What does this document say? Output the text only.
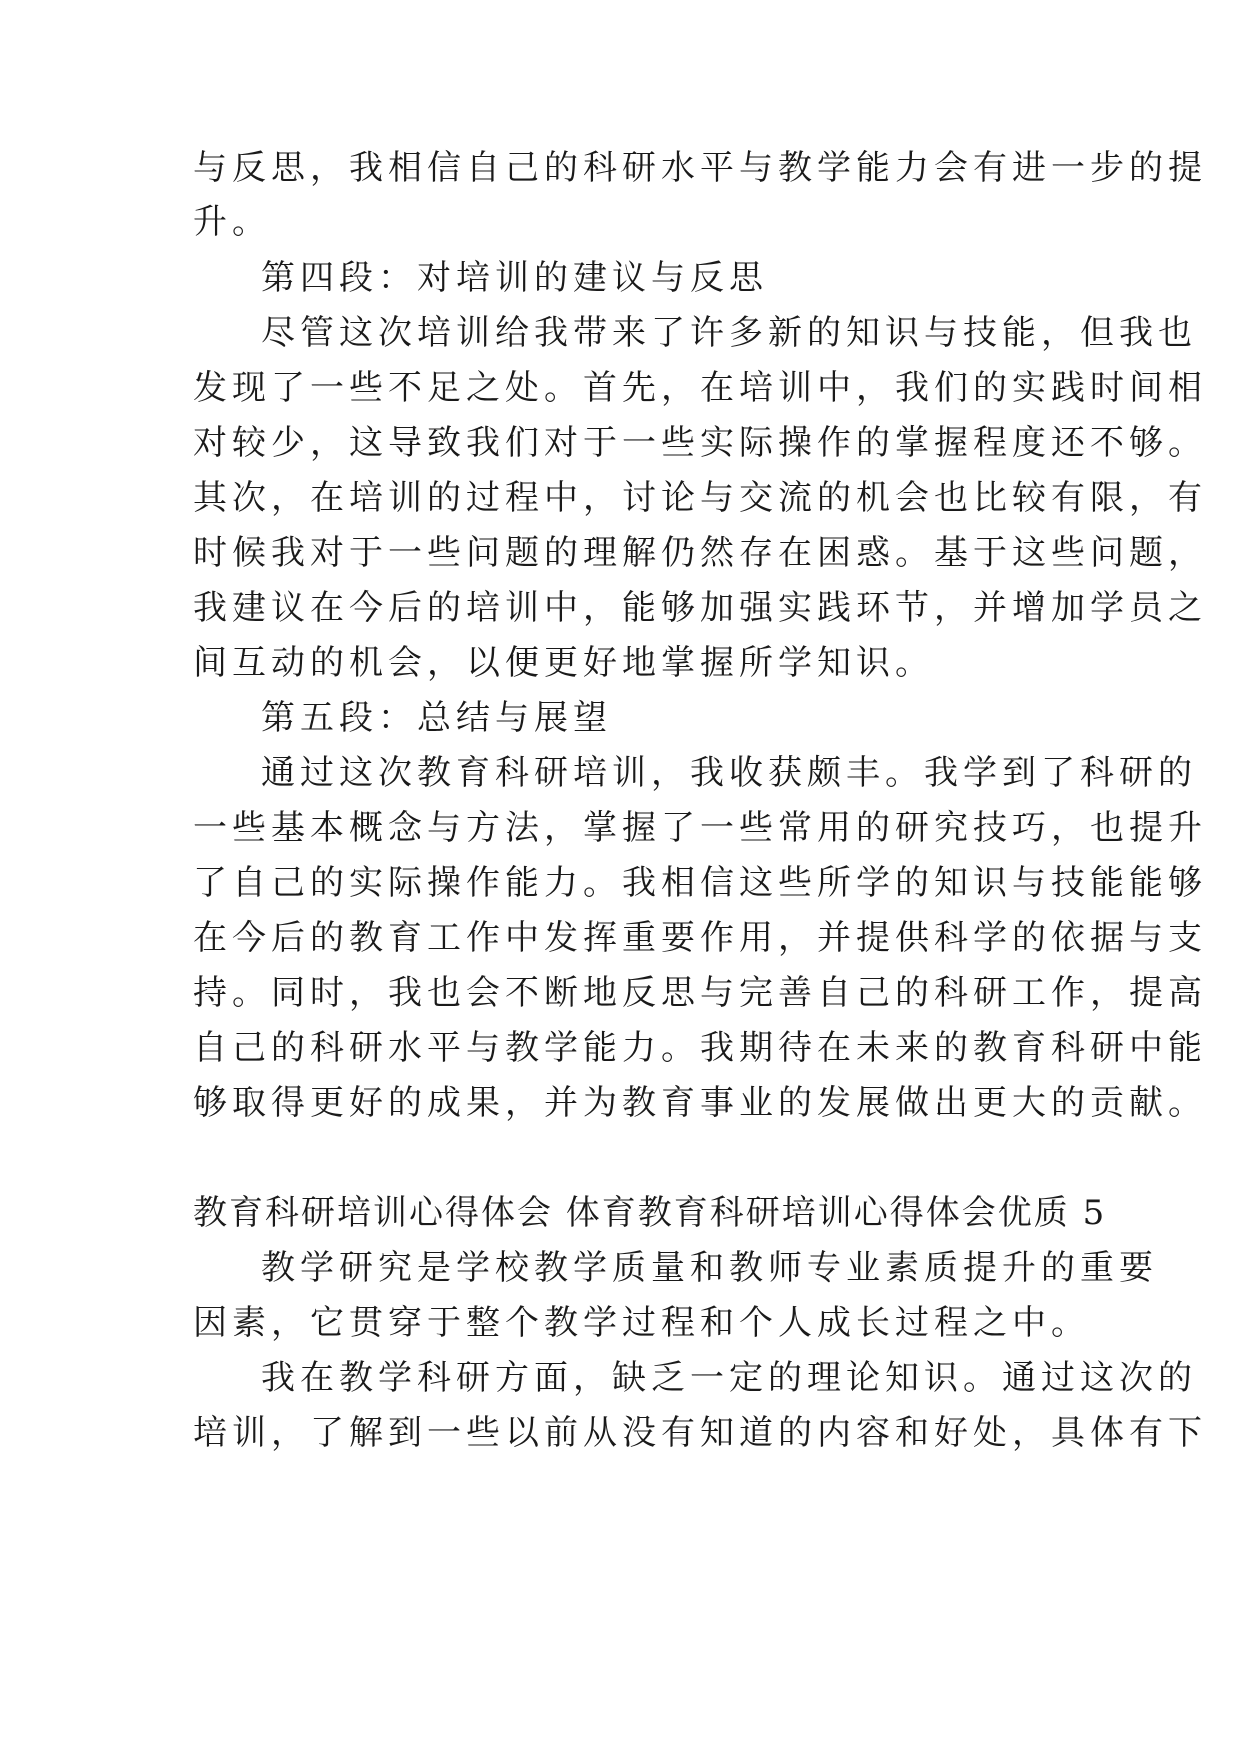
与反思，我相信自己的科研水平与教学能力会有进一步的提
升。
第四段：对培训的建议与反思
尽管这次培训给我带来了许多新的知识与技能，但我也
发现了一些不足之处。首先，在培训中，我们的实践时间相
对较少，这导致我们对于一些实际操作的掌握程度还不够。
其次，在培训的过程中，讨论与交流的机会也比较有限，有
时候我对于一些问题的理解仍然存在困惑。基于这些问题，
我建议在今后的培训中，能够加强实践环节，并增加学员之
间互动的机会，以便更好地掌握所学知识。
第五段：总结与展望
通过这次教育科研培训，我收获颇丰。我学到了科研的
一些基本概念与方法，掌握了一些常用的研究技巧，也提升
了自己的实际操作能力。我相信这些所学的知识与技能能够
在今后的教育工作中发挥重要作用，并提供科学的依据与支
持。同时，我也会不断地反思与完善自己的科研工作，提高
自己的科研水平与教学能力。我期待在未来的教育科研中能
够取得更好的成果，并为教育事业的发展做出更大的贡献。
教育科研培训心得体会 体育教育科研培训心得体会优质 5
教学研究是学校教学质量和教师专业素质提升的重要
因素，它贯穿于整个教学过程和个人成长过程之中。
我在教学科研方面，缺乏一定的理论知识。通过这次的
培训，了解到一些以前从没有知道的内容和好处，具体有下
